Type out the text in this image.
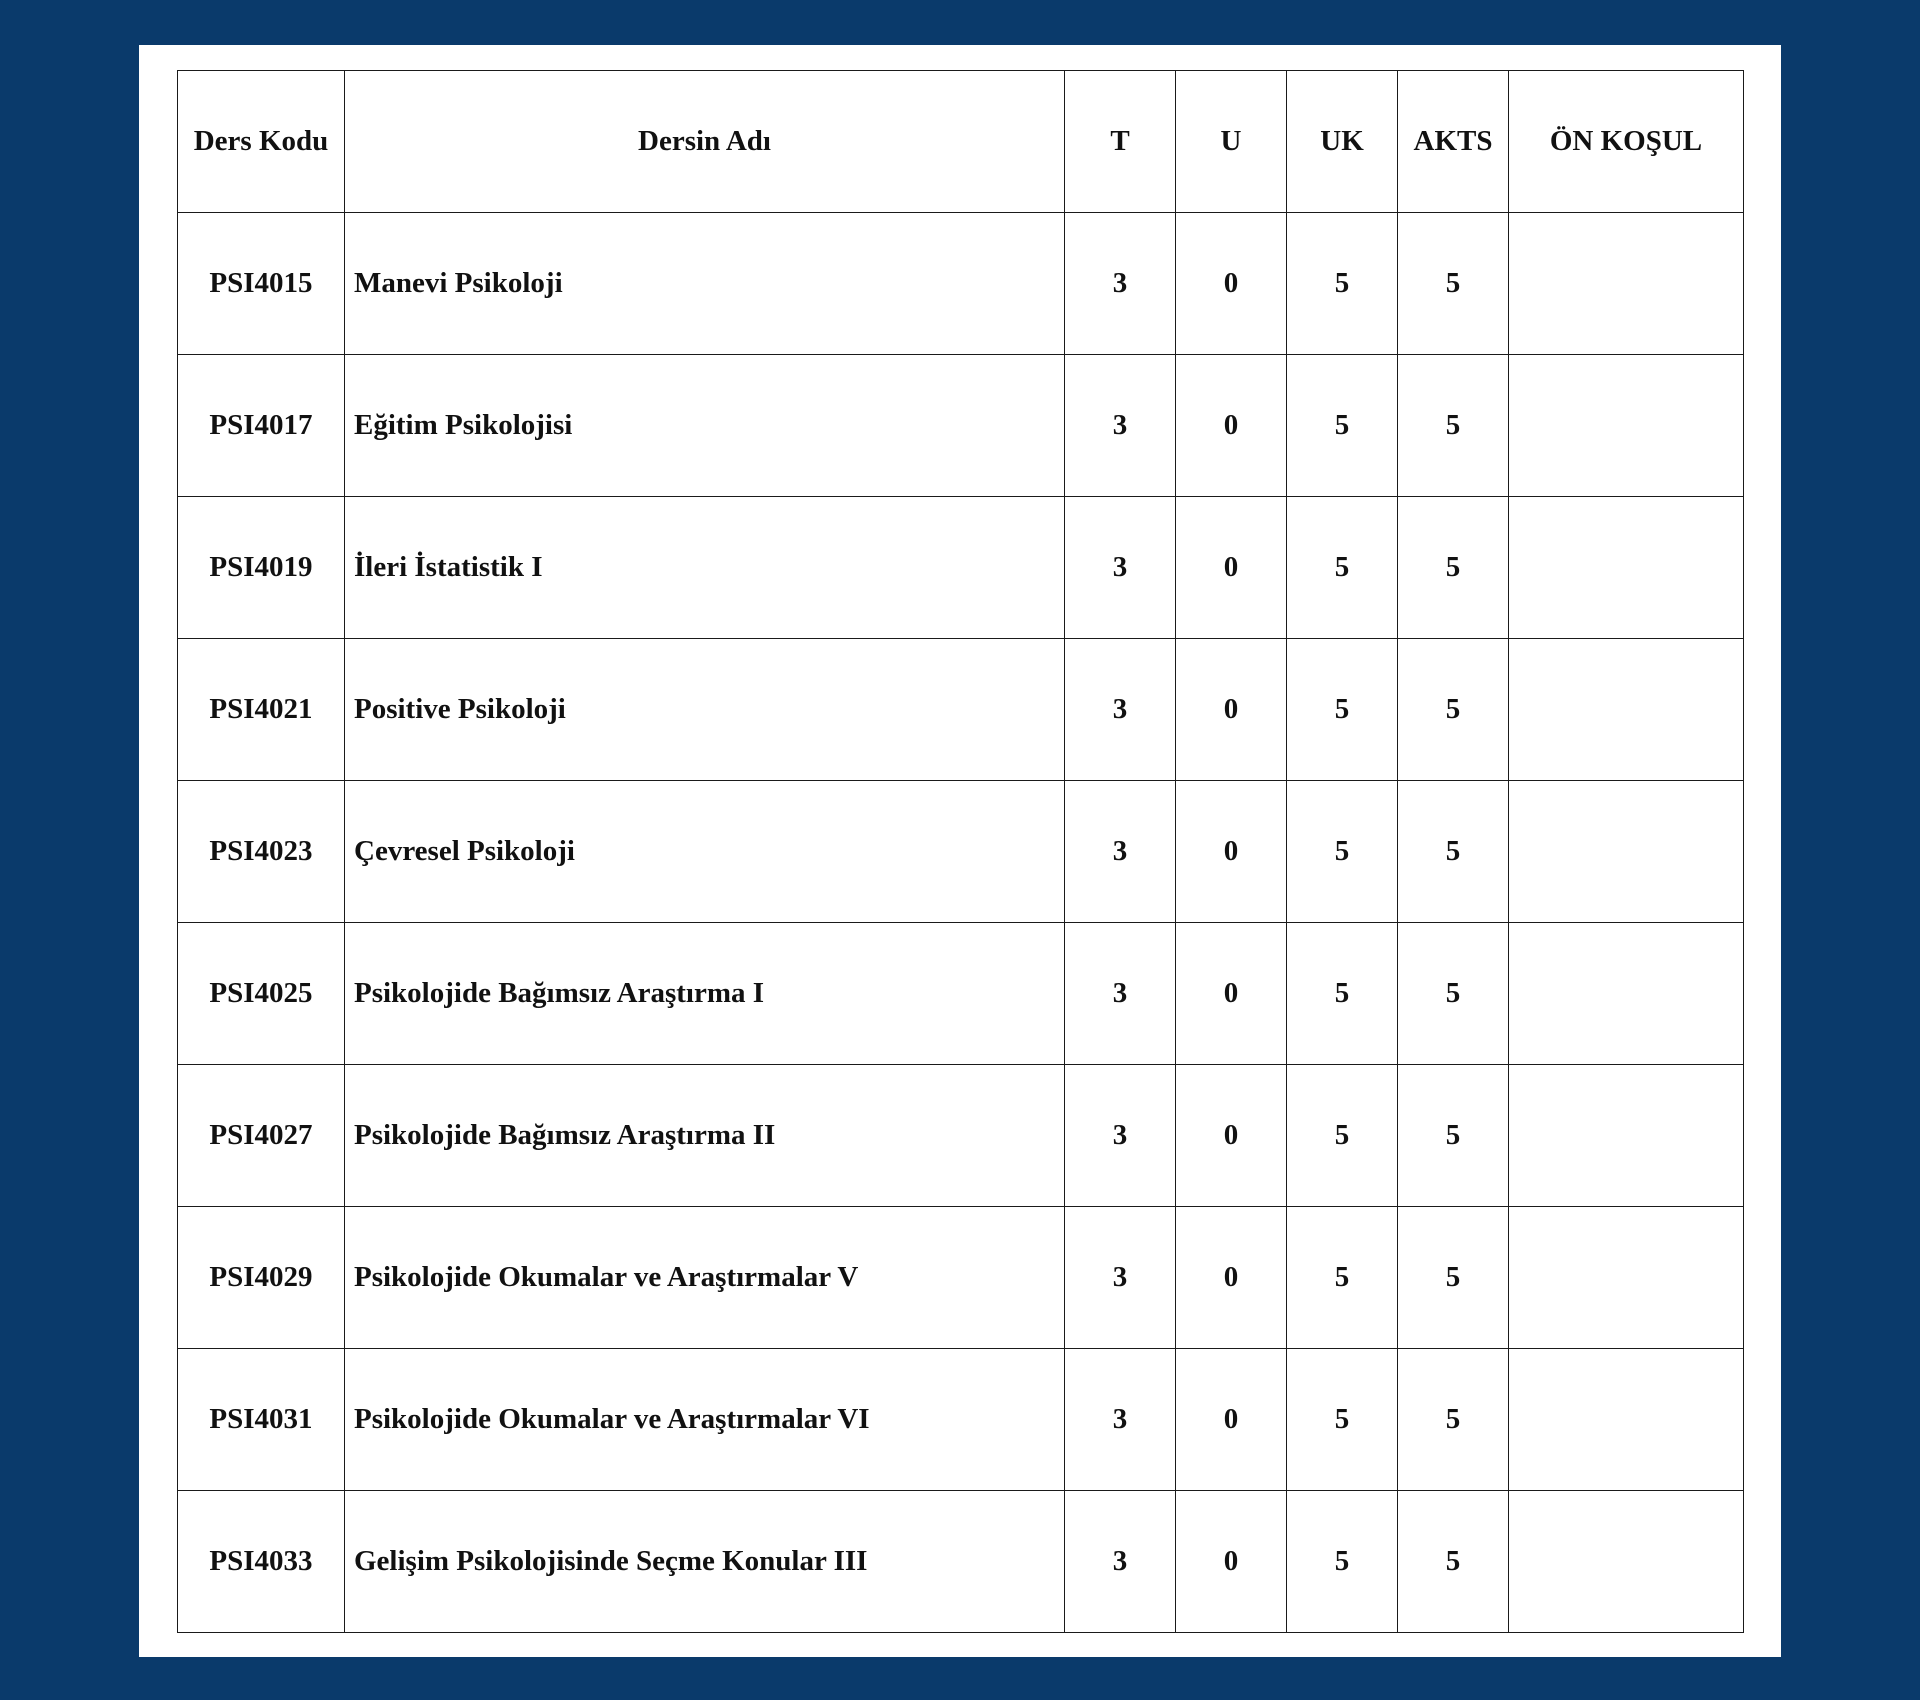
Ders Kodu	Dersin Adı	T	U	UK	AKTS	ÖN KOŞUL
PSI4015	Manevi Psikoloji	3	0	5	5	
PSI4017	Eğitim Psikolojisi	3	0	5	5	
PSI4019	İleri İstatistik I	3	0	5	5	
PSI4021	Positive Psikoloji	3	0	5	5	
PSI4023	Çevresel Psikoloji	3	0	5	5	
PSI4025	Psikolojide Bağımsız Araştırma I	3	0	5	5	
PSI4027	Psikolojide Bağımsız Araştırma II	3	0	5	5	
PSI4029	Psikolojide Okumalar ve Araştırmalar V	3	0	5	5	
PSI4031	Psikolojide Okumalar ve Araştırmalar VI	3	0	5	5	
PSI4033	Gelişim Psikolojisinde Seçme Konular III	3	0	5	5	
